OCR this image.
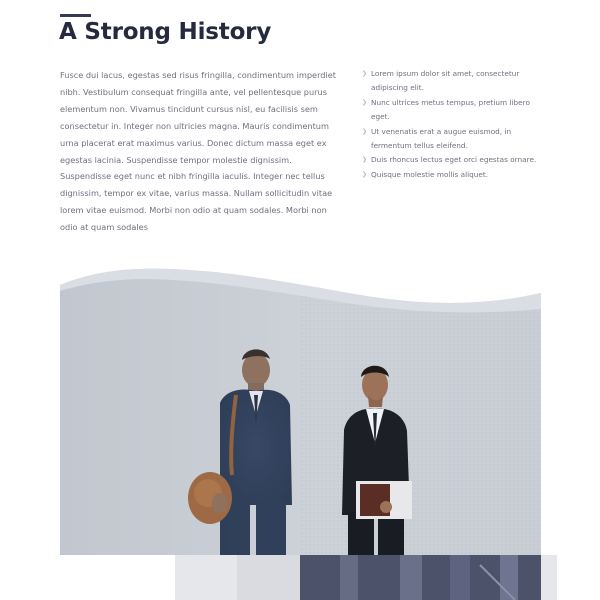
A Strong History

Fusce dui lacus, egestas sed risus fringilla, condimentum imperdiet nibh. Vestibulum consequat fringilla ante, vel pellentesque purus elementum non. Vivamus tincidunt cursus nisl, eu facilisis sem consectetur in. Integer non ultricies magna. Mauris condimentum urna placerat erat maximus varius. Donec dictum massa eget ex egestas lacinia. Suspendisse tempor molestie dignissim. Suspendisse eget nunc et nibh fringilla iaculis. Integer nec tellus dignissim, tempor ex vitae, varius massa. Nullam sollicitudin vitae lorem vitae euismod. Morbi non odio at quam sodales. Morbi non odio at quam sodales

❯ Lorem ipsum dolor sit amet, consectetur adipiscing elit.
❯ Nunc ultrices metus tempus, pretium libero eget.
❯ Ut venenatis erat a augue euismod, in fermentum tellus eleifend.
❯ Duis rhoncus lectus eget orci egestas ornare.
❯ Quisque molestie mollis aliquet.
